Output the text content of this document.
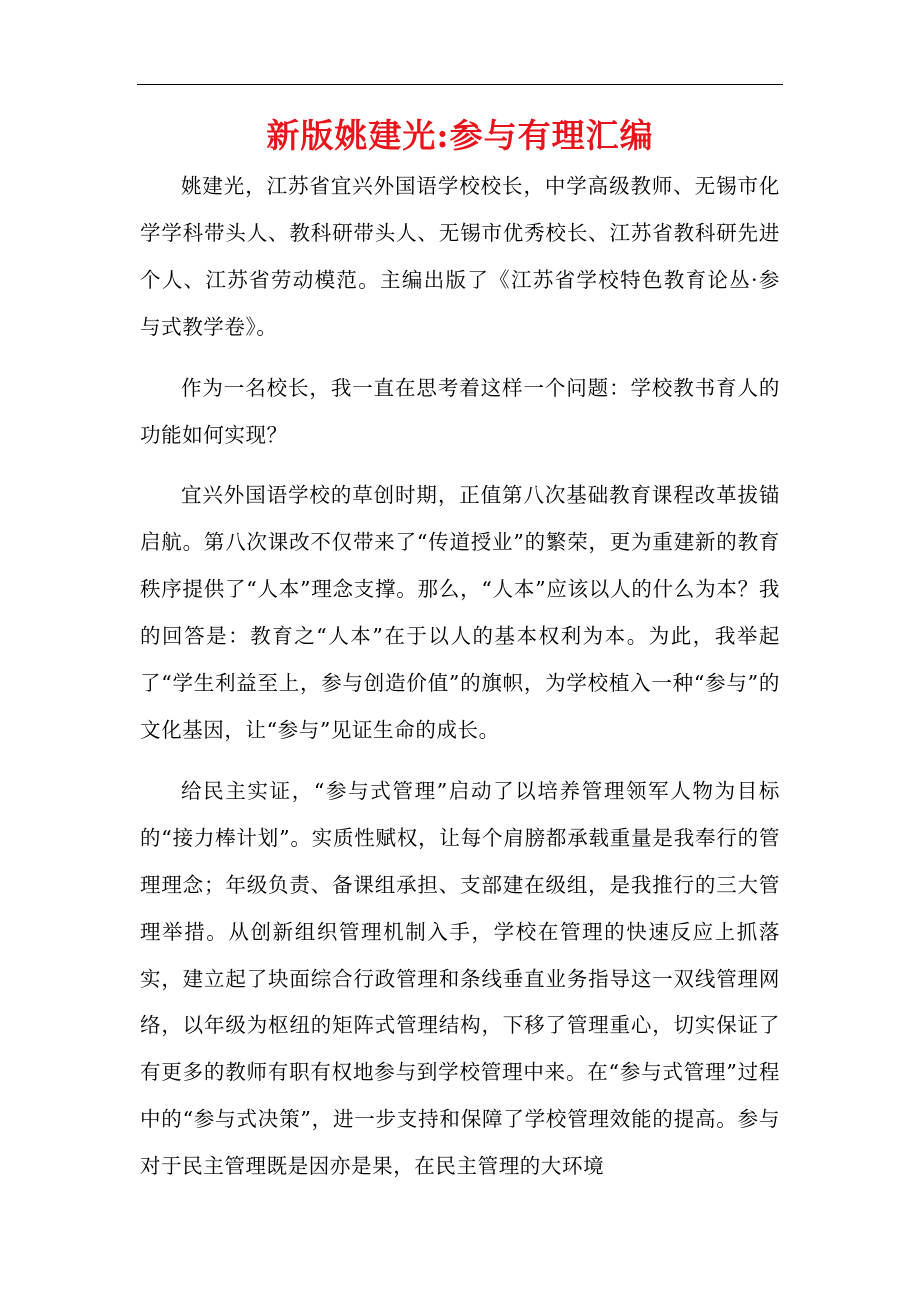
新版姚建光:参与有理汇编

姚建光，江苏省宜兴外国语学校校长，中学高级教师、无锡市化学学科带头人、教科研带头人、无锡市优秀校长、江苏省教科研先进个人、江苏省劳动模范。主编出版了《江苏省学校特色教育论丛·参与式教学卷》。

作为一名校长，我一直在思考着这样一个问题：学校教书育人的功能如何实现？

宜兴外国语学校的草创时期，正值第八次基础教育课程改革拔锚启航。第八次课改不仅带来了“传道授业”的繁荣，更为重建新的教育秩序提供了“人本”理念支撑。那么，“人本”应该以人的什么为本？我的回答是：教育之“人本”在于以人的基本权利为本。为此，我举起了“学生利益至上，参与创造价值”的旗帜，为学校植入一种“参与”的文化基因，让“参与”见证生命的成长。

给民主实证，“参与式管理”启动了以培养管理领军人物为目标的“接力棒计划”。实质性赋权，让每个肩膀都承载重量是我奉行的管理理念；年级负责、备课组承担、支部建在级组，是我推行的三大管理举措。从创新组织管理机制入手，学校在管理的快速反应上抓落实，建立起了块面综合行政管理和条线垂直业务指导这一双线管理网络，以年级为枢纽的矩阵式管理结构，下移了管理重心，切实保证了有更多的教师有职有权地参与到学校管理中来。在“参与式管理”过程中的“参与式决策”，进一步支持和保障了学校管理效能的提高。参与对于民主管理既是因亦是果，在民主管理的大环境
